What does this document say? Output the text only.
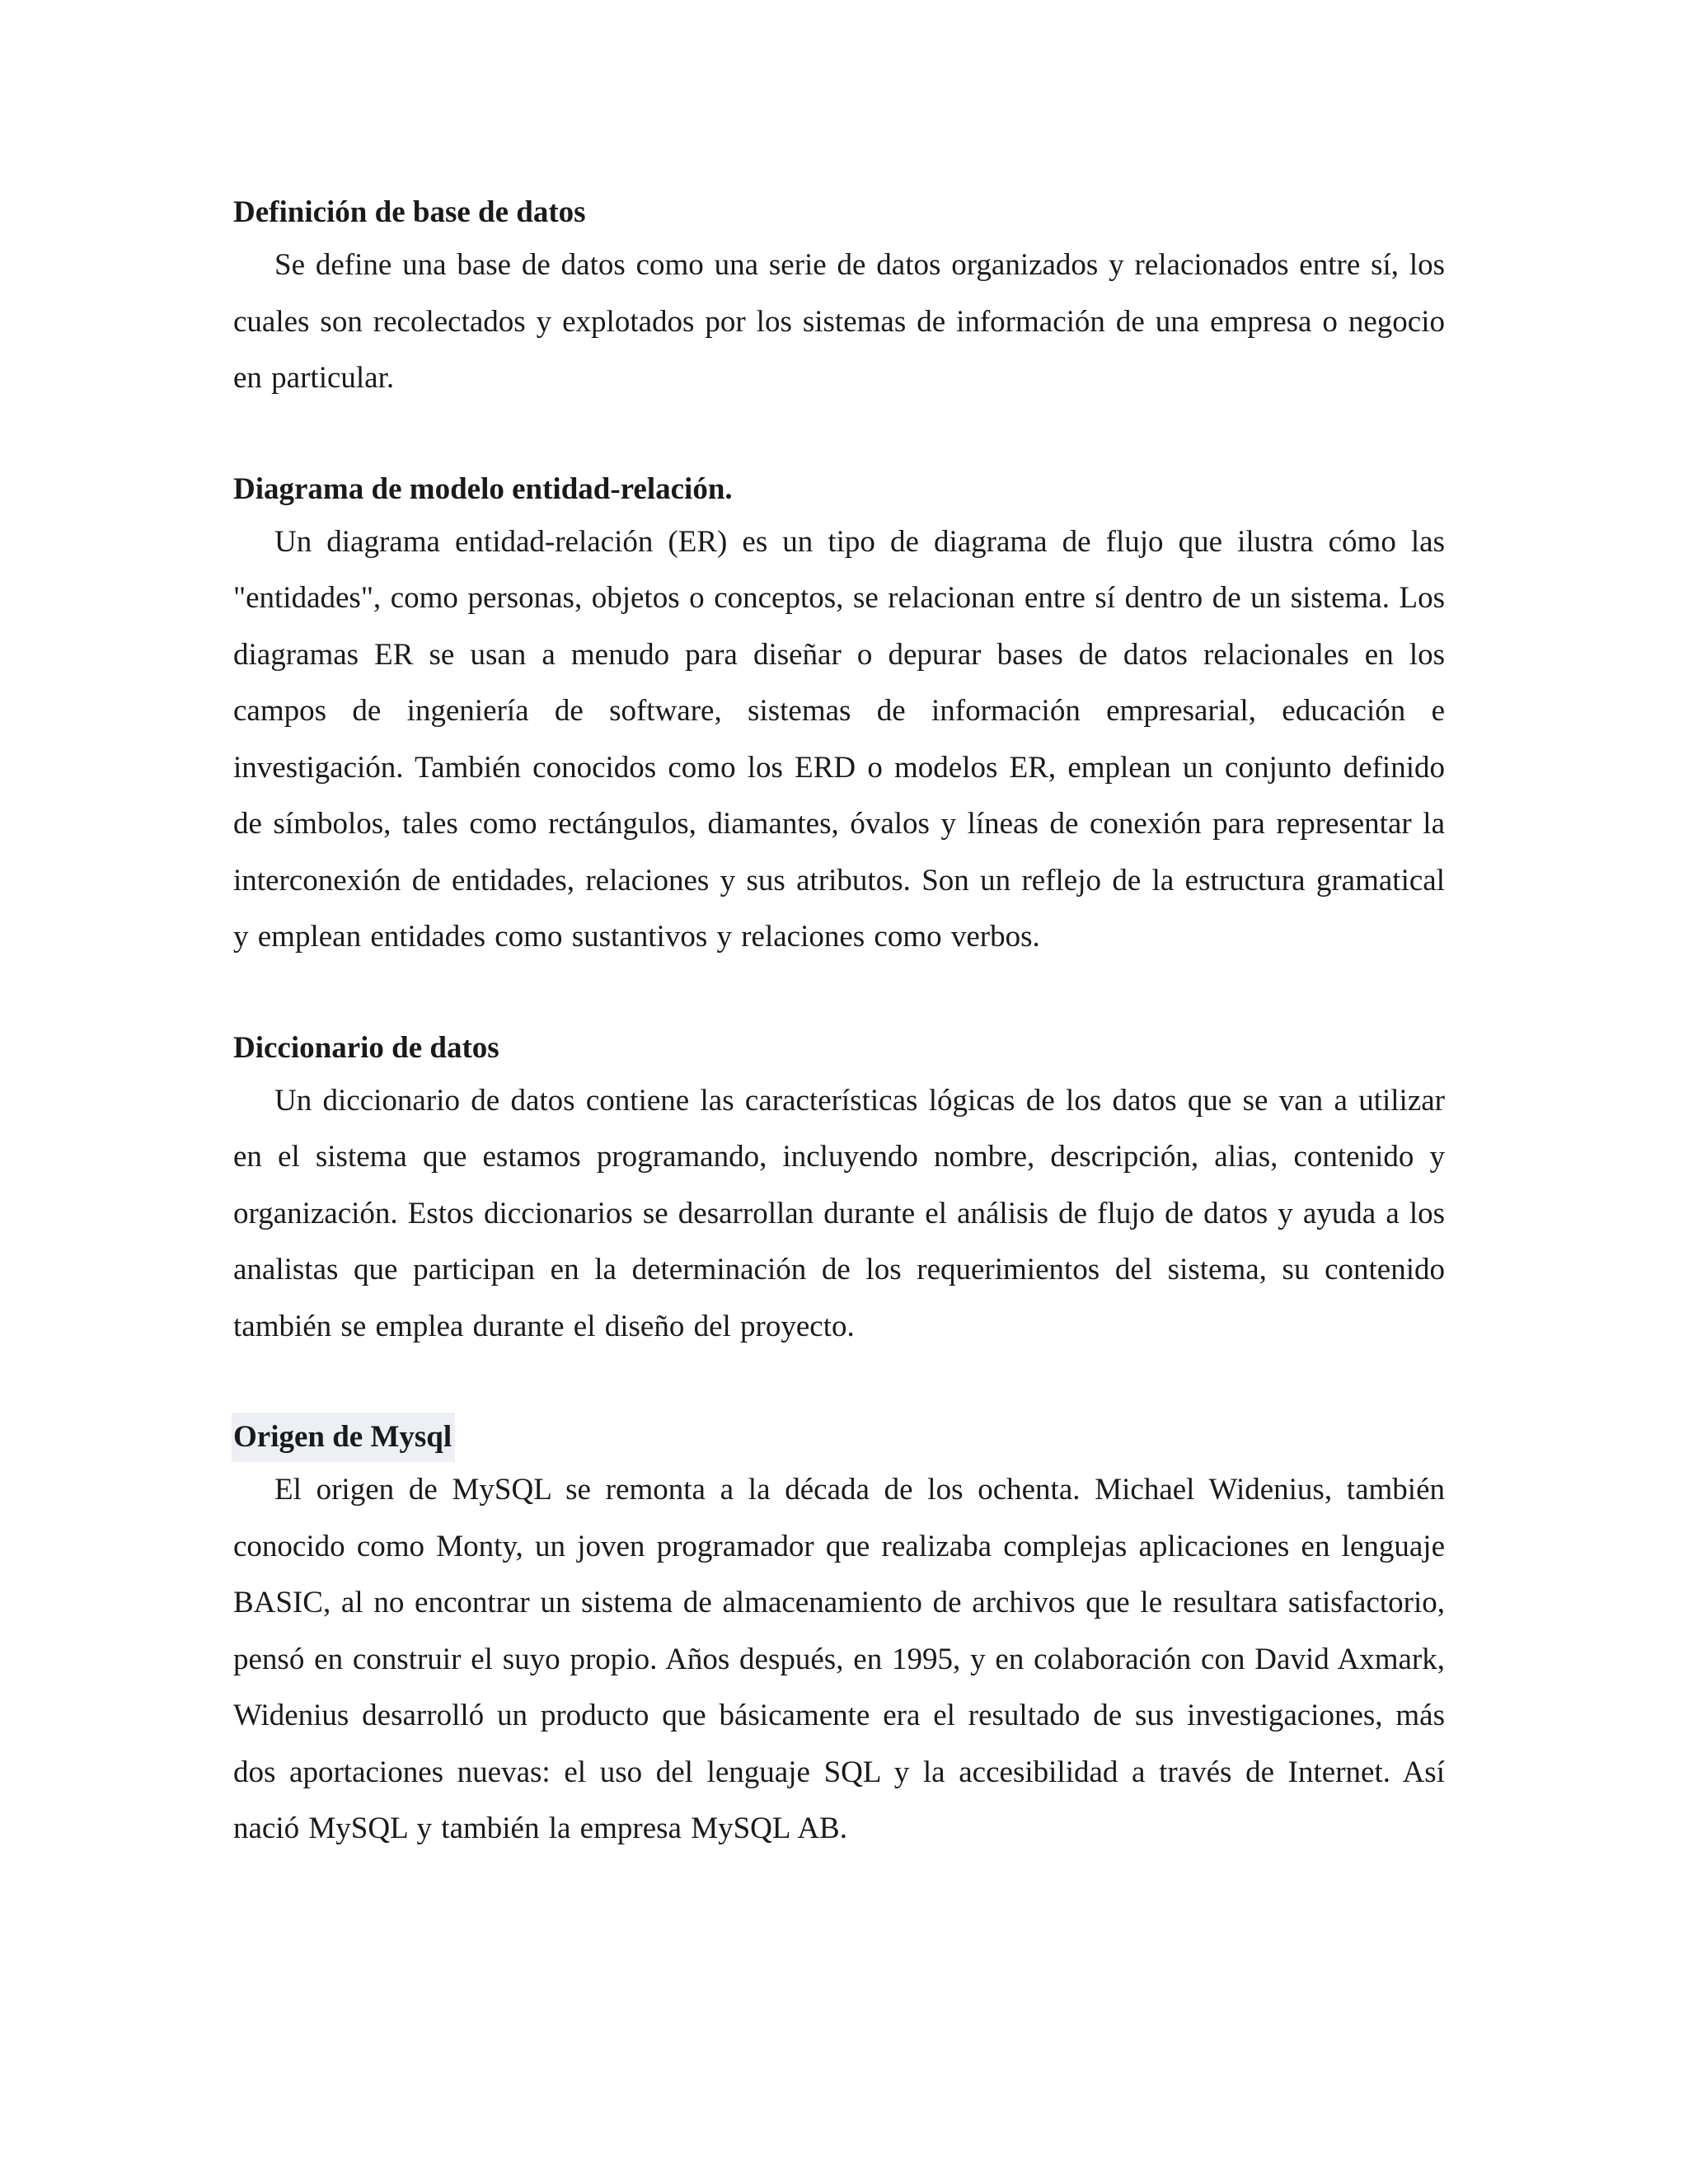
Definición de base de datos

Se define una base de datos como una serie de datos organizados y relacionados entre sí, los cuales son recolectados y explotados por los sistemas de información de una empresa o negocio en particular.

Diagrama de modelo entidad-relación.

Un diagrama entidad-relación (ER) es un tipo de diagrama de flujo que ilustra cómo las "entidades", como personas, objetos o conceptos, se relacionan entre sí dentro de un sistema. Los diagramas ER se usan a menudo para diseñar o depurar bases de datos relacionales en los campos de ingeniería de software, sistemas de información empresarial, educación e investigación. También conocidos como los ERD o modelos ER, emplean un conjunto definido de símbolos, tales como rectángulos, diamantes, óvalos y líneas de conexión para representar la interconexión de entidades, relaciones y sus atributos. Son un reflejo de la estructura gramatical y emplean entidades como sustantivos y relaciones como verbos.

Diccionario de datos

Un diccionario de datos contiene las características lógicas de los datos que se van a utilizar en el sistema que estamos programando, incluyendo nombre, descripción, alias, contenido y organización. Estos diccionarios se desarrollan durante el análisis de flujo de datos y ayuda a los analistas que participan en la determinación de los requerimientos del sistema, su contenido también se emplea durante el diseño del proyecto.

Origen de Mysql

El origen de MySQL se remonta a la década de los ochenta. Michael Widenius, también conocido como Monty, un joven programador que realizaba complejas aplicaciones en lenguaje BASIC, al no encontrar un sistema de almacenamiento de archivos que le resultara satisfactorio, pensó en construir el suyo propio. Años después, en 1995, y en colaboración con David Axmark, Widenius desarrolló un producto que básicamente era el resultado de sus investigaciones, más dos aportaciones nuevas: el uso del lenguaje SQL y la accesibilidad a través de Internet. Así nació MySQL y también la empresa MySQL AB.
